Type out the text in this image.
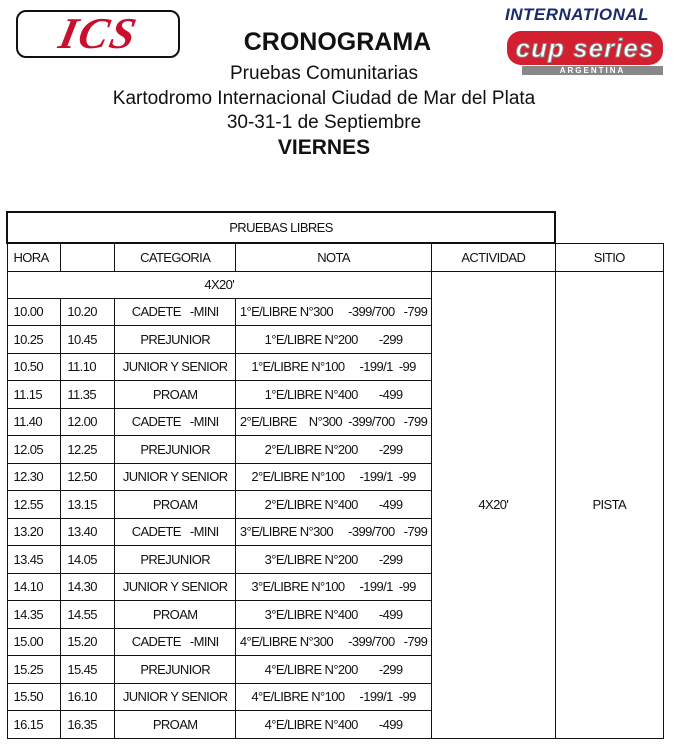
ICS	INTERNATIONAL
cup series
ARGENTINA
CRONOGRAMA
Pruebas Comunitarias
Kartodromo Internacional Ciudad de Mar del Plata
30-31-1 de Septiembre
VIERNES
PRUEBAS LIBRES					
HORA		CATEGORIA	NOTA	ACTIVIDAD	SITIO
4X20'				4X20'	PISTA
10.00	10.20	CADETE   -MINI	1°E/LIBRE N°300     -399/700   -799		
10.25	10.45	PREJUNIOR	1°E/LIBRE N°200       -299		
10.50	11.10	JUNIOR Y SENIOR	1°E/LIBRE N°100     -199/1  -99		
11.15	11.35	PROAM	1°E/LIBRE N°400       -499		
11.40	12.00	CADETE   -MINI	2°E/LIBRE    N°300  -399/700   -799		
12.05	12.25	PREJUNIOR	2°E/LIBRE N°200       -299		
12.30	12.50	JUNIOR Y SENIOR	2°E/LIBRE N°100     -199/1  -99		
12.55	13.15	PROAM	2°E/LIBRE N°400       -499		
13.20	13.40	CADETE   -MINI	3°E/LIBRE N°300     -399/700   -799		
13.45	14.05	PREJUNIOR	3°E/LIBRE N°200       -299		
14.10	14.30	JUNIOR Y SENIOR	3°E/LIBRE N°100     -199/1  -99		
14.35	14.55	PROAM	3°E/LIBRE N°400       -499		
15.00	15.20	CADETE   -MINI	4°E/LIBRE N°300     -399/700   -799		
15.25	15.45	PREJUNIOR	4°E/LIBRE N°200       -299		
15.50	16.10	JUNIOR Y SENIOR	4°E/LIBRE N°100     -199/1  -99		
16.15	16.35	PROAM	4°E/LIBRE N°400       -499		
